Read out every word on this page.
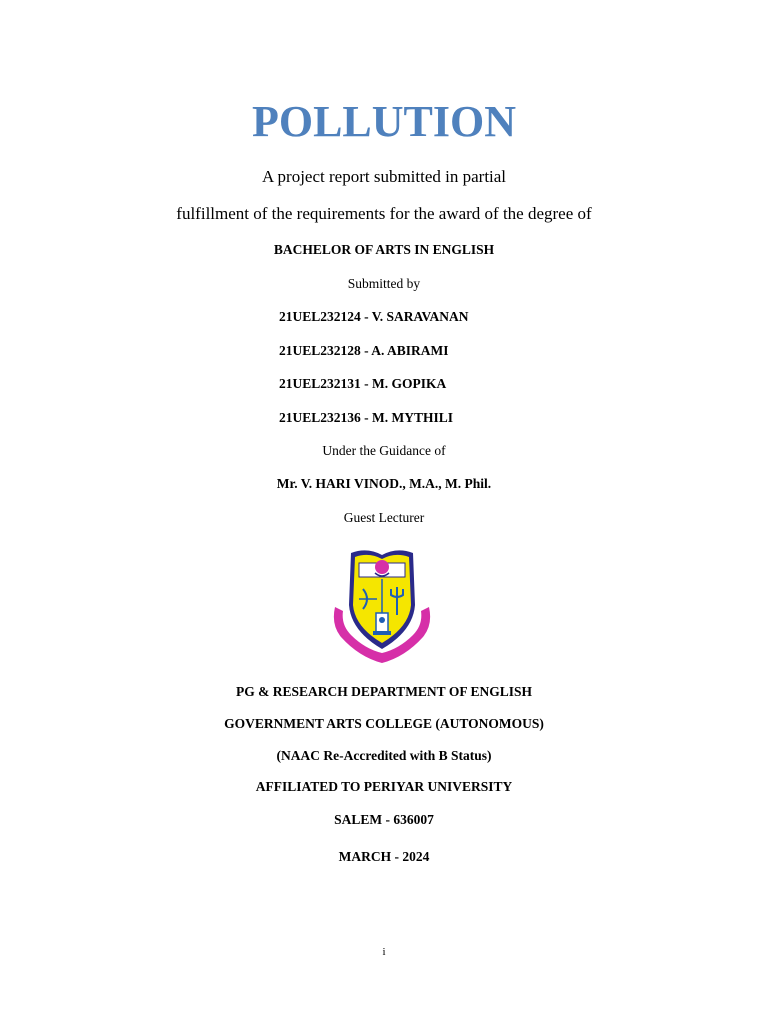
POLLUTION
A project report submitted in partial
fulfillment of the requirements for the award of the degree of
BACHELOR OF ARTS IN ENGLISH
Submitted by
21UEL232124 - V. SARAVANAN
21UEL232128 - A. ABIRAMI
21UEL232131 - M. GOPIKA
21UEL232136 - M. MYTHILI
Under the Guidance of
Mr. V. HARI VINOD., M.A., M. Phil.
Guest Lecturer
PG & RESEARCH DEPARTMENT OF ENGLISH
GOVERNMENT ARTS COLLEGE (AUTONOMOUS)
(NAAC Re-Accredited with B Status)
AFFILIATED TO PERIYAR UNIVERSITY
SALEM - 636007
MARCH - 2024
i
